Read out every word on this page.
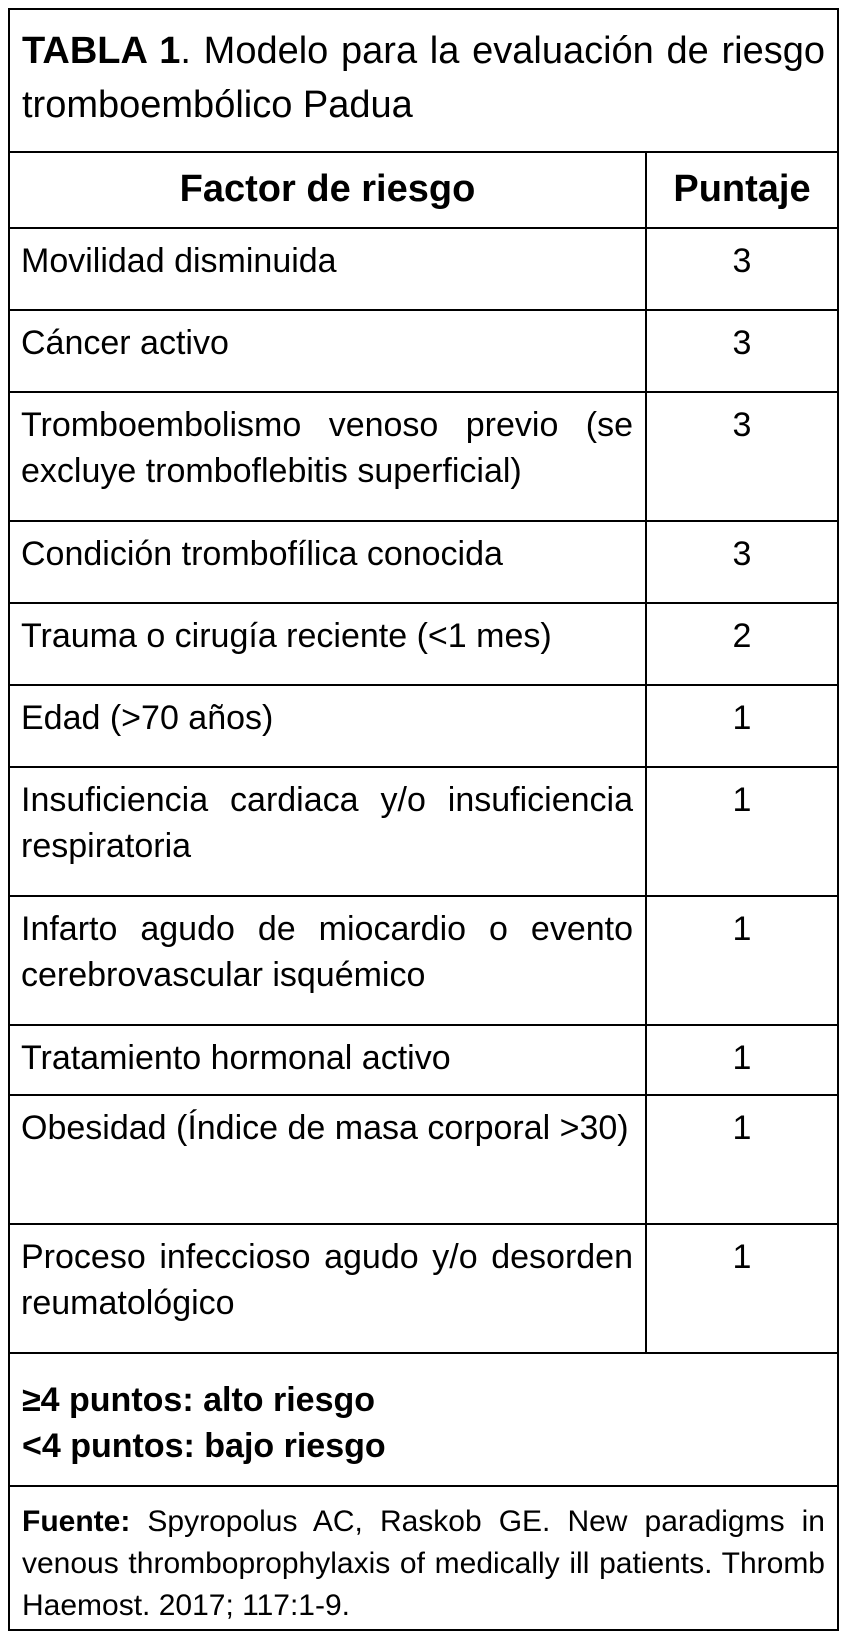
TABLA 1. Modelo para la evaluación de riesgo tromboembólico Padua
Factor de riesgo	Puntaje
Movilidad disminuida	3
Cáncer activo	3
Tromboembolismo venoso previo (se excluye tromboflebitis superficial)	3
Condición trombofílica conocida	3
Trauma o cirugía reciente (<1 mes)	2
Edad (>70 años)	1
Insuficiencia cardiaca y/o insuficiencia respiratoria	1
Infarto agudo de miocardio o evento cerebrovascular isquémico	1
Tratamiento hormonal activo	1
Obesidad (Índice de masa corporal >30)	1
Proceso infeccioso agudo y/o desorden reumatológico	1
≥4 puntos: alto riesgo
<4 puntos: bajo riesgo
Fuente: Spyropolus AC, Raskob GE. New paradigms in venous thromboprophylaxis of medically ill patients. Thromb Haemost. 2017; 117:1-9.
